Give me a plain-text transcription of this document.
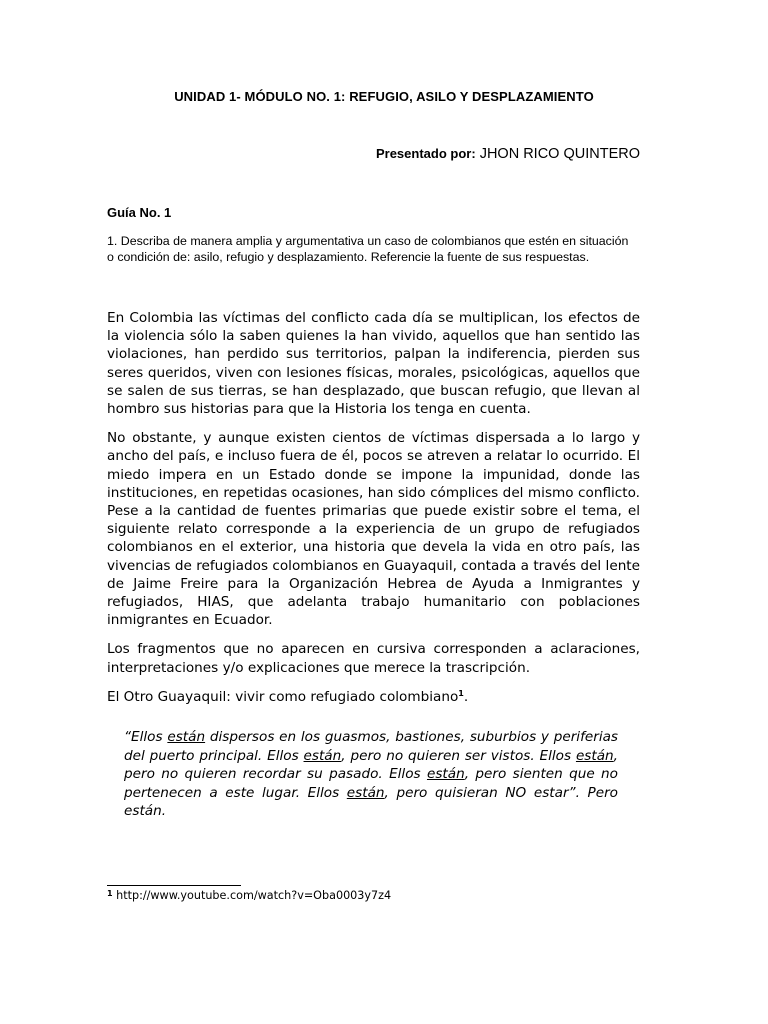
UNIDAD 1- MÓDULO NO. 1: REFUGIO, ASILO Y DESPLAZAMIENTO
Presentado por: JHON RICO QUINTERO
Guía No. 1
1. Describa de manera amplia y argumentativa un caso de colombianos que estén en situación o condición de: asilo, refugio y desplazamiento. Referencie la fuente de sus respuestas.

En Colombia las víctimas del conflicto cada día se multiplican, los efectos de la violencia sólo la saben quienes la han vivido, aquellos que han sentido las violaciones, han perdido sus territorios, palpan la indiferencia, pierden sus seres queridos, viven con lesiones físicas, morales, psicológicas, aquellos que se salen de sus tierras, se han desplazado, que buscan refugio, que llevan al hombro sus historias para que la Historia los tenga en cuenta.

No obstante, y aunque existen cientos de víctimas dispersada a lo largo y ancho del país, e incluso fuera de él, pocos se atreven a relatar lo ocurrido. El miedo impera en un Estado donde se impone la impunidad, donde las instituciones, en repetidas ocasiones, han sido cómplices del mismo conflicto. Pese a la cantidad de fuentes primarias que puede existir sobre el tema, el siguiente relato corresponde a la experiencia de un grupo de refugiados colombianos en el exterior, una historia que devela la vida en otro país, las vivencias de refugiados colombianos en Guayaquil, contada a través del lente de Jaime Freire para la Organización Hebrea de Ayuda a Inmigrantes y refugiados, HIAS, que adelanta trabajo humanitario con poblaciones inmigrantes en Ecuador.

Los fragmentos que no aparecen en cursiva corresponden a aclaraciones, interpretaciones y/o explicaciones que merece la trascripción.

El Otro Guayaquil: vivir como refugiado colombiano$^1$.

“Ellos están dispersos en los guasmos, bastiones, suburbios y periferias del puerto principal. Ellos están, pero no quieren ser vistos. Ellos están, pero no quieren recordar su pasado. Ellos están, pero sienten que no pertenecen a este lugar. Ellos están, pero quisieran NO estar”. Pero están.
$^1$ http://www.youtube.com/watch?v=Oba0003y7z4
